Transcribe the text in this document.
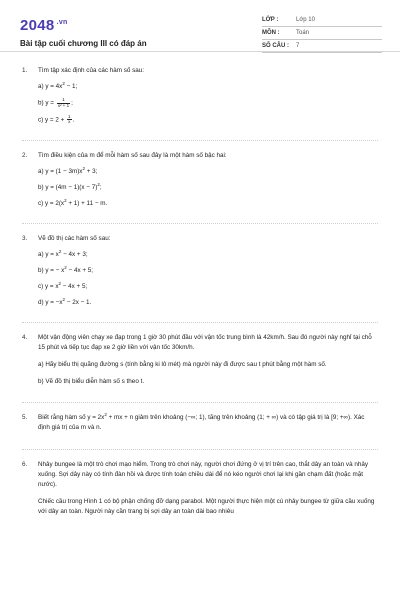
2048 $^{.vn}$
Bài tập cuối chương III có đáp án
LỚP :	Lớp 10
MÔN :	Toán
SỐ CÂU :	7
1.	Tìm tập xác định của các hàm số sau:
a) $y = 4x^2 - 1$;
b) $y = \frac{1}{\text{x² + 1}}$ ;
c) $y = 2 + \frac{1}{x}$ .
2.	Tìm điều kiện của m để mỗi hàm số sau đây là một hàm số bậc hai:
a) $y = (1 - 3m)x^2 + 3$;
b) $y = (4m - 1)(x - 7)^2$;
c) $y = 2(x^2 + 1) + 11 - m$.
3.	Vẽ đồ thị các hàm số sau:
a) $y = x^2 - 4x + 3$;
b) y = − $x^2 - 4x + 5$;
c) $y = x^2 - 4x + 5$;
d) $y = -x^2 - 2x - 1$.
4.	Một vận động viên chạy xe đạp trong 1 giờ 30 phút đầu với vận tốc trung bình là 42km/h. Sau đó người này nghỉ tại chỗ 15 phút và tiếp tục đạp xe 2 giờ liền với vận tốc 30km/h.
a) Hãy biểu thị quãng đường s (tính bằng ki lô mét) mà người này đi được sau t phút bằng một hàm số.
b) Vẽ đồ thị biểu diễn hàm số s theo t.
5.	Biết rằng hàm số $y = 2x^2$ + mx + n giảm trên khoảng (−∞; 1), tăng trên khoảng (1; + ∞) và có tập giá trị là [9; +∞). Xác định giá trị của m và n.
6.	Nhảy bungee là một trò chơi mạo hiểm. Trong trò chơi này, người chơi đứng ở vị trí trên cao, thắt dây an toàn và nhảy xuống. Sợi dây này có tính đàn hồi và được tính toán chiều dài để nó kéo người chơi lại khi gần chạm đất (hoặc mặt nước).
Chiếc cầu trong Hình 1 có bộ phận chống đỡ dạng parabol. Một người thực hiện một cú nhảy bungee từ giữa cầu xuống với dây an toàn. Người này cần trang bị sợi dây an toàn dài bao nhiêu
